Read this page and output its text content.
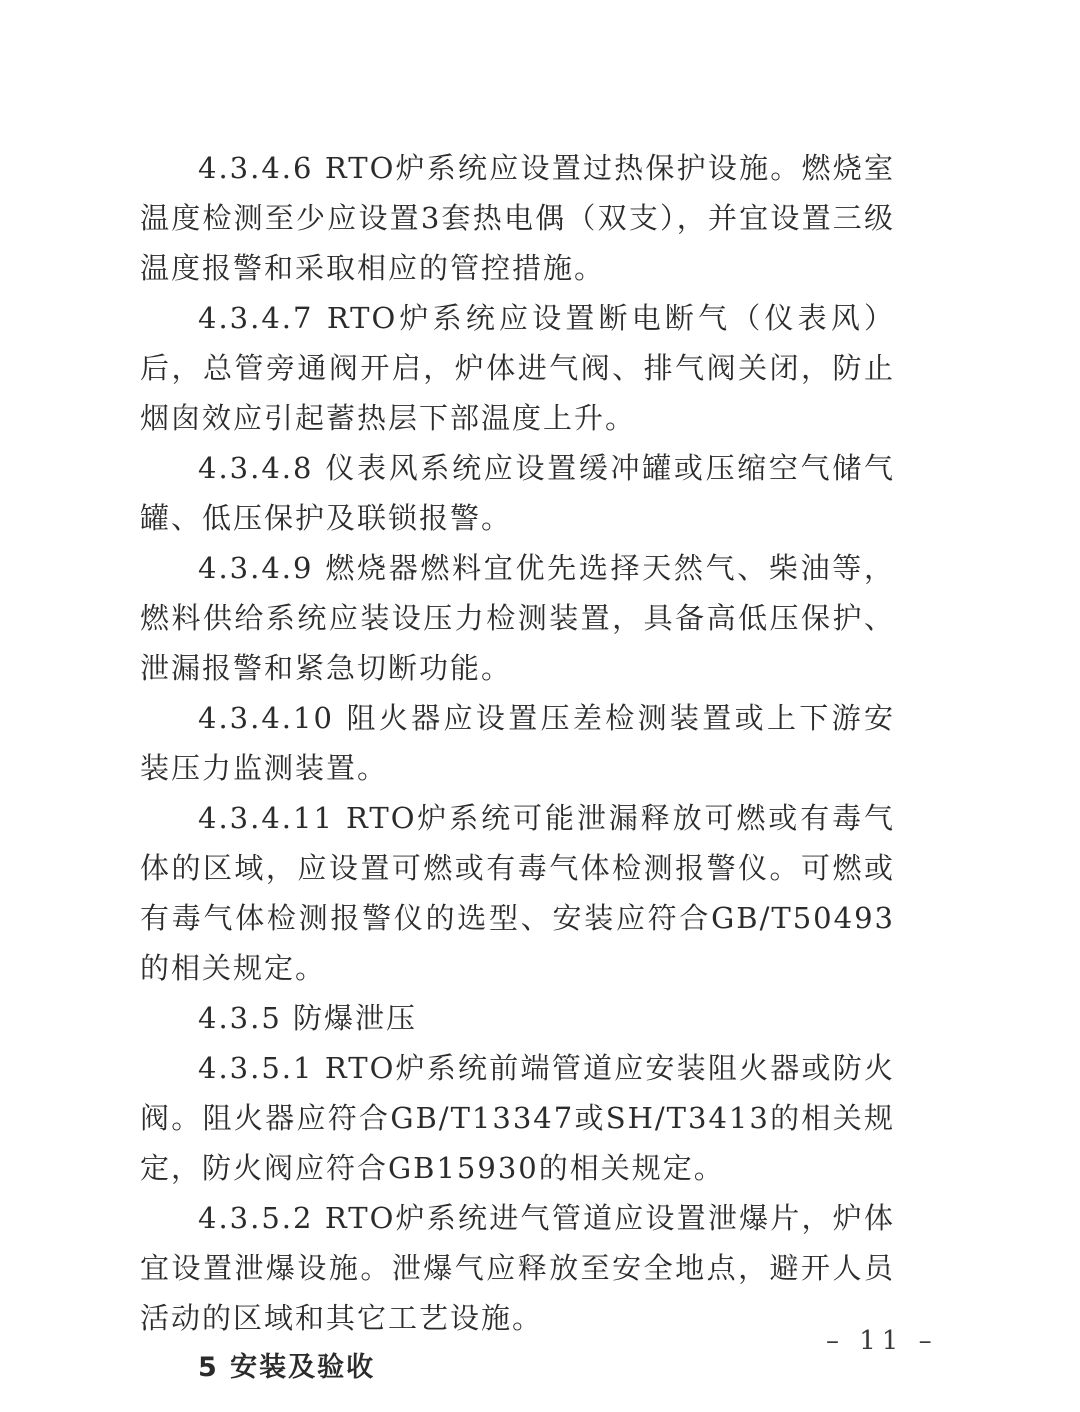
4.3.4.6 RTO炉系统应设置过热保护设施。燃烧室温度检测至少应设置3套热电偶（双支），并宜设置三级温度报警和采取相应的管控措施。

4.3.4.7 RTO炉系统应设置断电断气（仪表风）后，总管旁通阀开启，炉体进气阀、排气阀关闭，防止烟囱效应引起蓄热层下部温度上升。

4.3.4.8 仪表风系统应设置缓冲罐或压缩空气储气罐、低压保护及联锁报警。

4.3.4.9 燃烧器燃料宜优先选择天然气、柴油等，燃料供给系统应装设压力检测装置，具备高低压保护、泄漏报警和紧急切断功能。

4.3.4.10 阻火器应设置压差检测装置或上下游安装压力监测装置。

4.3.4.11 RTO炉系统可能泄漏释放可燃或有毒气体的区域，应设置可燃或有毒气体检测报警仪。可燃或有毒气体检测报警仪的选型、安装应符合GB/T50493的相关规定。

4.3.5 防爆泄压

4.3.5.1 RTO炉系统前端管道应安装阻火器或防火阀。阻火器应符合GB/T13347或SH/T3413的相关规定，防火阀应符合GB15930的相关规定。

4.3.5.2 RTO炉系统进气管道应设置泄爆片，炉体宜设置泄爆设施。泄爆气应释放至安全地点，避开人员活动的区域和其它工艺设施。

5 安装及验收

– 11 –
